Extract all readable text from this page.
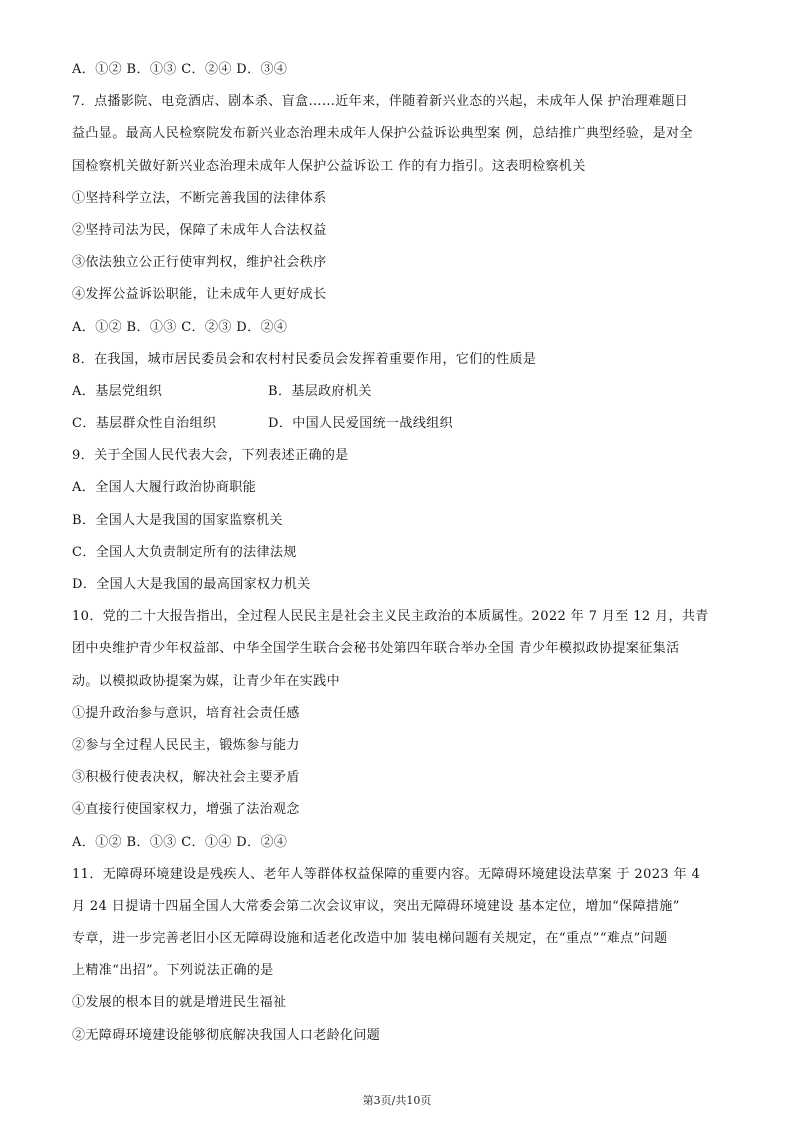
A．①② B．①③ C．②④ D．③④
7．点播影院、电竞酒店、剧本杀、盲盒……近年来，伴随着新兴业态的兴起，未成年人保 护治理难题日
益凸显。最高人民检察院发布新兴业态治理未成年人保护公益诉讼典型案 例，总结推广典型经验，是对全
国检察机关做好新兴业态治理未成年人保护公益诉讼工 作的有力指引。这表明检察机关
①坚持科学立法，不断完善我国的法律体系
②坚持司法为民，保障了未成年人合法权益
③依法独立公正行使审判权，维护社会秩序
④发挥公益诉讼职能，让未成年人更好成长
A．①② B．①③ C．②③ D．②④
8．在我国，城市居民委员会和农村村民委员会发挥着重要作用，它们的性质是
A．基层党组织	B．基层政府机关
C．基层群众性自治组织	D．中国人民爱国统一战线组织
9．关于全国人民代表大会，下列表述正确的是
A．全国人大履行政治协商职能
B．全国人大是我国的国家监察机关
C．全国人大负责制定所有的法律法规
D．全国人大是我国的最高国家权力机关
10．党的二十大报告指出，全过程人民民主是社会主义民主政治的本质属性。2022 年 7 月至 12 月，共青
团中央维护青少年权益部、中华全国学生联合会秘书处第四年联合举办全国 青少年模拟政协提案征集活
动。以模拟政协提案为媒，让青少年在实践中
①提升政治参与意识，培育社会责任感
②参与全过程人民民主，锻炼参与能力
③积极行使表决权，解决社会主要矛盾
④直接行使国家权力，增强了法治观念
A．①② B．①③ C．①④ D．②④
11．无障碍环境建设是残疾人、老年人等群体权益保障的重要内容。无障碍环境建设法草案 于 2023 年 4
月 24 日提请十四届全国人大常委会第二次会议审议，突出无障碍环境建设 基本定位，增加“保障措施”
专章，进一步完善老旧小区无障碍设施和适老化改造中加 装电梯问题有关规定，在“重点”“难点”问题
上精准“出招”。下列说法正确的是
①发展的根本目的就是增进民生福祉
②无障碍环境建设能够彻底解决我国人口老龄化问题
第3页/共10页
